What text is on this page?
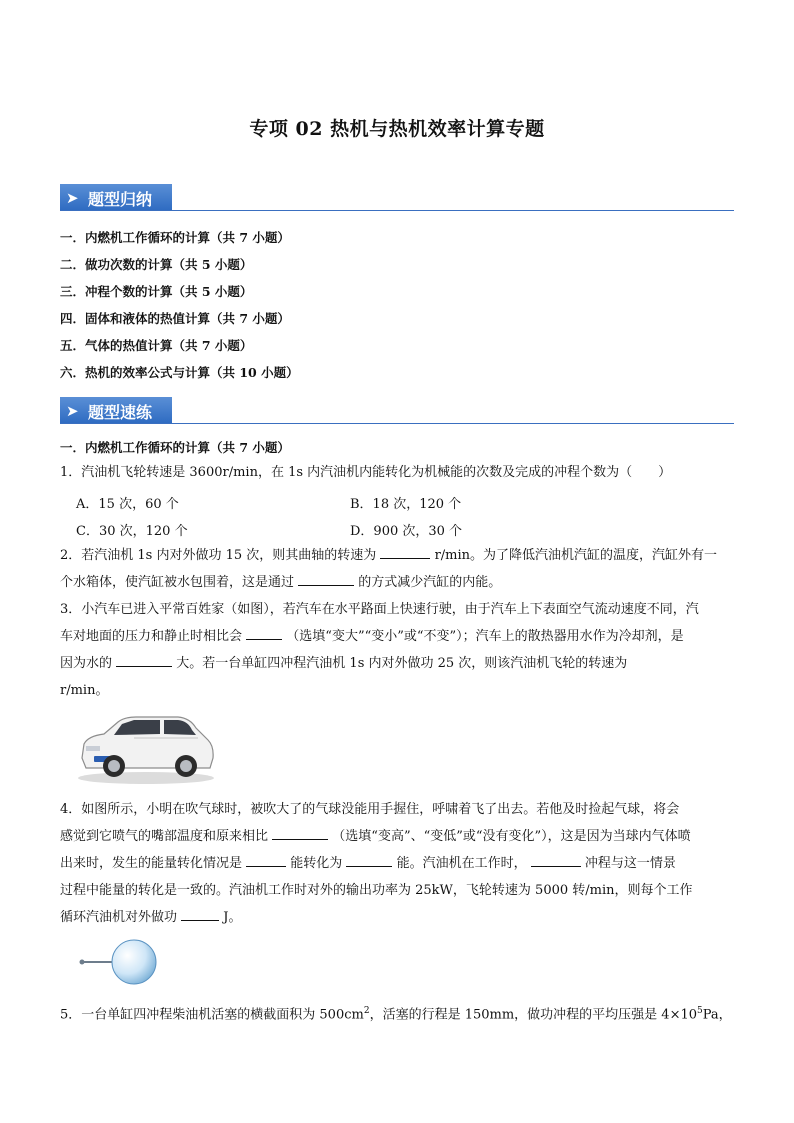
专项 02 热机与热机效率计算专题
➤ 题型归纳
一．内燃机工作循环的计算（共 7 小题）
二．做功次数的计算（共 5 小题）
三．冲程个数的计算（共 5 小题）
四．固体和液体的热值计算（共 7 小题）
五．气体的热值计算（共 7 小题）
六．热机的效率公式与计算（共 10 小题）
➤ 题型速练
一．内燃机工作循环的计算（共 7 小题）
1．汽油机飞轮转速是 3600r/min，在 1s 内汽油机内能转化为机械能的次数及完成的冲程个数为（　　）
A．15 次，60 个	B．18 次，120 个
C．30 次，120 个	D．900 次，30 个
2．若汽油机 1s 内对外做功 15 次，则其曲轴的转速为	r/min。为了降低汽油机汽缸的温度，汽缸外有一
个水箱体，使汽缸被水包围着，这是通过	的方式减少汽缸的内能。
3．小汽车已进入平常百姓家（如图），若汽车在水平路面上快速行驶，由于汽车上下表面空气流动速度不同，汽
车对地面的压力和静止时相比会	（选填“变大”“变小”或“不变”）；汽车上的散热器用水作为冷却剂，是
因为水的	大。若一台单缸四冲程汽油机 1s 内对外做功 25 次，则该汽油机飞轮的转速为
r/min。
4．如图所示，小明在吹气球时，被吹大了的气球没能用手握住，呼啸着飞了出去。若他及时捡起气球，将会
感觉到它喷气的嘴部温度和原来相比	（选填“变高”、“变低”或“没有变化”），这是因为当球内气体喷
出来时，发生的能量转化情况是	能转化为	能。汽油机在工作时，	冲程与这一情景
过程中能量的转化是一致的。汽油机工作时对外的输出功率为 25kW，飞轮转速为 5000 转/min，则每个工作
循环汽油机对外做功	J。
5．一台单缸四冲程柴油机活塞的横截面积为 $500cm^2$，活塞的行程是 150mm，做功冲程的平均压强是 $4\times 10^5Pa$，
